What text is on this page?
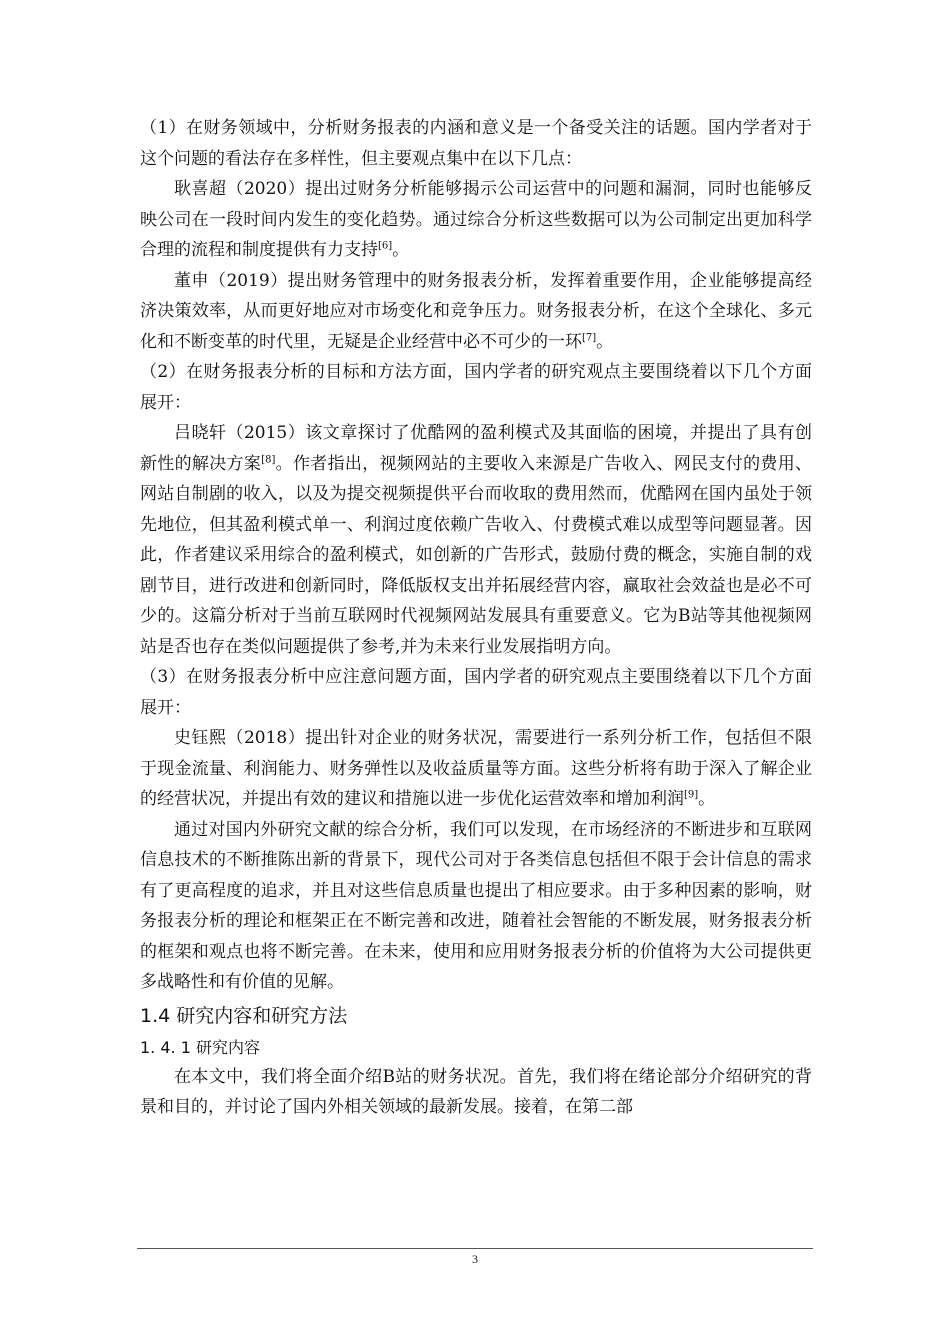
（1）在财务领域中，分析财务报表的内涵和意义是一个备受关注的话题。国内学者对于这个问题的看法存在多样性，但主要观点集中在以下几点：

耿喜超（2020）提出过财务分析能够揭示公司运营中的问题和漏洞，同时也能够反映公司在一段时间内发生的变化趋势。通过综合分析这些数据可以为公司制定出更加科学合理的流程和制度提供有力支持[6]。

董申（2019）提出财务管理中的财务报表分析，发挥着重要作用，企业能够提高经济决策效率，从而更好地应对市场变化和竞争压力。财务报表分析，在这个全球化、多元化和不断变革的时代里，无疑是企业经营中必不可少的一环[7]。

（2）在财务报表分析的目标和方法方面，国内学者的研究观点主要围绕着以下几个方面展开：

吕晓轩（2015）该文章探讨了优酷网的盈利模式及其面临的困境，并提出了具有创新性的解决方案[8]。作者指出，视频网站的主要收入来源是广告收入、网民支付的费用、网站自制剧的收入，以及为提交视频提供平台而收取的费用然而，优酷网在国内虽处于领先地位，但其盈利模式单一、利润过度依赖广告收入、付费模式难以成型等问题显著。因此，作者建议采用综合的盈利模式，如创新的广告形式，鼓励付费的概念，实施自制的戏剧节目，进行改进和创新同时，降低版权支出并拓展经营内容，赢取社会效益也是必不可少的。这篇分析对于当前互联网时代视频网站发展具有重要意义。它为B站等其他视频网站是否也存在类似问题提供了参考,并为未来行业发展指明方向。

（3）在财务报表分析中应注意问题方面，国内学者的研究观点主要围绕着以下几个方面展开：

史钰熙（2018）提出针对企业的财务状况，需要进行一系列分析工作，包括但不限于现金流量、利润能力、财务弹性以及收益质量等方面。这些分析将有助于深入了解企业的经营状况，并提出有效的建议和措施以进一步优化运营效率和增加利润[9]。

通过对国内外研究文献的综合分析，我们可以发现，在市场经济的不断进步和互联网信息技术的不断推陈出新的背景下，现代公司对于各类信息包括但不限于会计信息的需求有了更高程度的追求，并且对这些信息质量也提出了相应要求。由于多种因素的影响，财务报表分析的理论和框架正在不断完善和改进，随着社会智能的不断发展，财务报表分析的框架和观点也将不断完善。在未来，使用和应用财务报表分析的价值将为大公司提供更多战略性和有价值的见解。

1.4 研究内容和研究方法
1. 4. 1 研究内容

在本文中，我们将全面介绍B站的财务状况。首先，我们将在绪论部分介绍研究的背景和目的，并讨论了国内外相关领域的最新发展。接着，在第二部

3
